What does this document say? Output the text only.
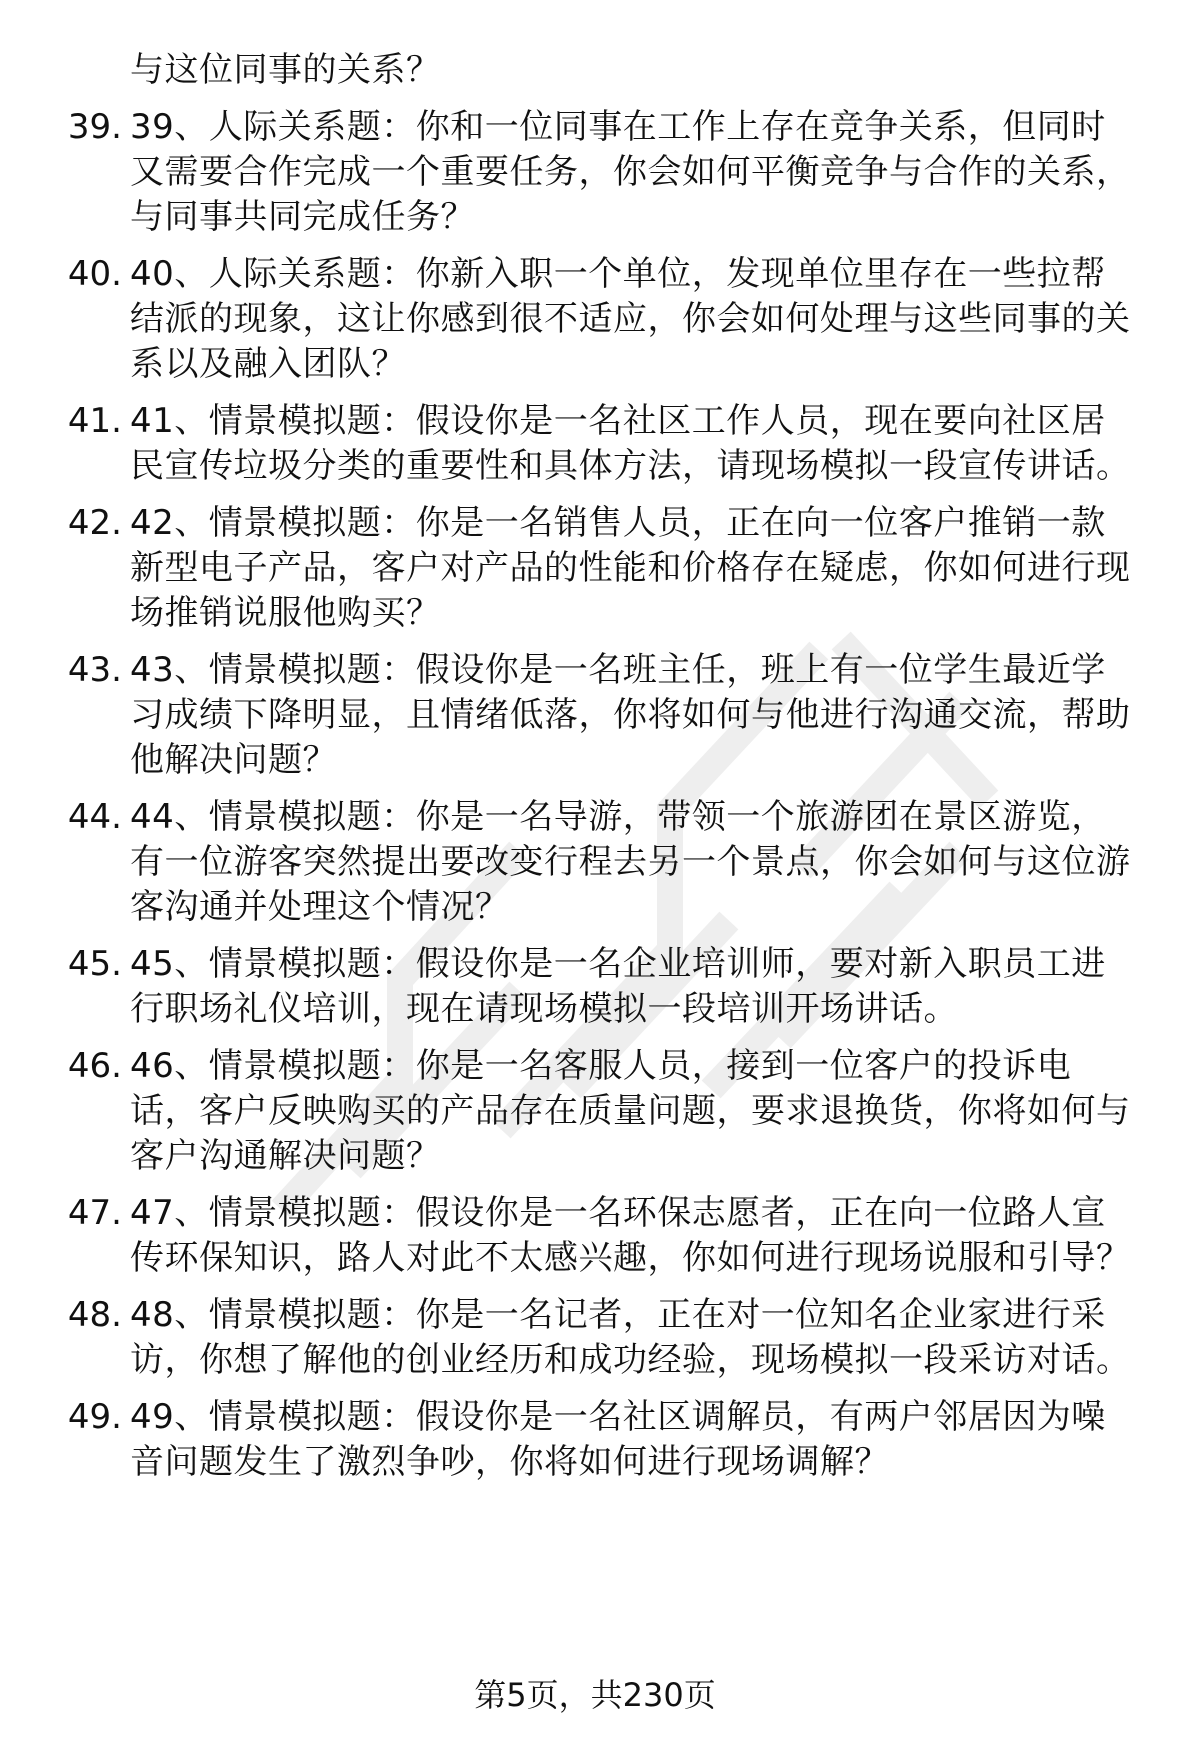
与这位同事的关系？
39. 39、人际关系题：你和一位同事在工作上存在竞争关系，但同时又需要合作完成一个重要任务，你会如何平衡竞争与合作的关系，与同事共同完成任务？
40. 40、人际关系题：你新入职一个单位，发现单位里存在一些拉帮结派的现象，这让你感到很不适应，你会如何处理与这些同事的关系以及融入团队？
41. 41、情景模拟题：假设你是一名社区工作人员，现在要向社区居民宣传垃圾分类的重要性和具体方法，请现场模拟一段宣传讲话。
42. 42、情景模拟题：你是一名销售人员，正在向一位客户推销一款新型电子产品，客户对产品的性能和价格存在疑虑，你如何进行现场推销说服他购买？
43. 43、情景模拟题：假设你是一名班主任，班上有一位学生最近学习成绩下降明显，且情绪低落，你将如何与他进行沟通交流，帮助他解决问题？
44. 44、情景模拟题：你是一名导游，带领一个旅游团在景区游览，有一位游客突然提出要改变行程去另一个景点，你会如何与这位游客沟通并处理这个情况？
45. 45、情景模拟题：假设你是一名企业培训师，要对新入职员工进行职场礼仪培训，现在请现场模拟一段培训开场讲话。
46. 46、情景模拟题：你是一名客服人员，接到一位客户的投诉电话，客户反映购买的产品存在质量问题，要求退换货，你将如何与客户沟通解决问题？
47. 47、情景模拟题：假设你是一名环保志愿者，正在向一位路人宣传环保知识，路人对此不太感兴趣，你如何进行现场说服和引导？
48. 48、情景模拟题：你是一名记者，正在对一位知名企业家进行采访，你想了解他的创业经历和成功经验，现场模拟一段采访对话。
49. 49、情景模拟题：假设你是一名社区调解员，有两户邻居因为噪音问题发生了激烈争吵，你将如何进行现场调解？
第5页，共230页
